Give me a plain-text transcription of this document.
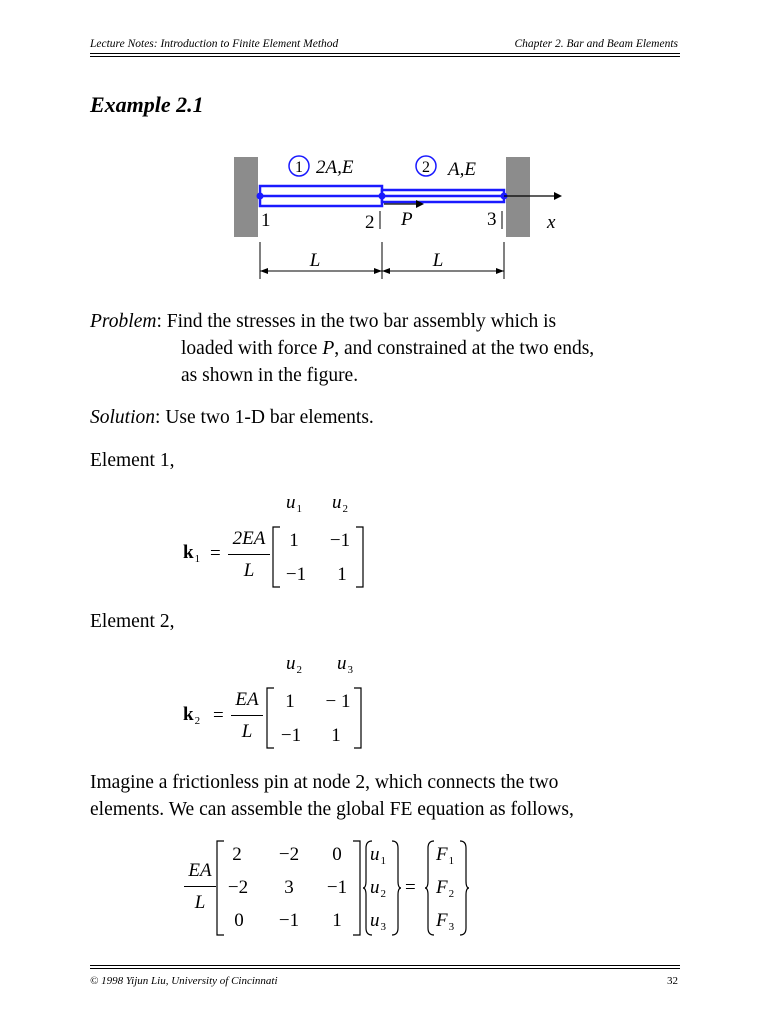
Lecture Notes: Introduction to Finite Element Method	Chapter 2. Bar and Beam Elements
Example 2.1
1 2A,E	2 A,E
1	2 P	3	x
L	L
Problem: Find the stresses in the two bar assembly which is
loaded with force P, and constrained at the two ends,
as shown in the figure.
Solution: Use two 1-D bar elements.
Element 1,
$u_1$ $u_2$
$k_1$ =
2EA
L
1	−1
−1	1
Element 2,
$u_2$ $u_3$
$k_2$ =
EA
L
1	− 1
−1	1
Imagine a frictionless pin at node 2, which connects the two
elements. We can assemble the global FE equation as follows,
EA
L
2	−2	0
−2	3	−1
0	−1	1
$u_1$
$u_2$
$u_3$
=
$F_1$
$F_2$
$F_3$
© 1998 Yijun Liu, University of Cincinnati	32
